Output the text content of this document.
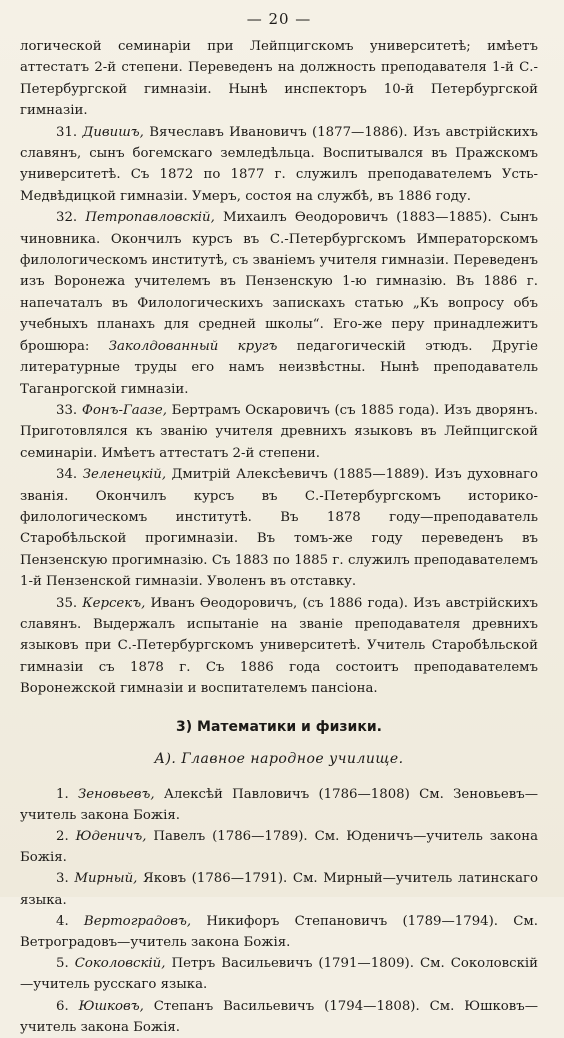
— 20 —

логической семинаріи при Лейпцигскомъ университетѣ; имѣетъ аттестатъ 2-й степени. Переведенъ на должность преподавателя 1-й С.-Петербургской гимназіи. Нынѣ инспекторъ 10-й Петербургской гимназіи.

31. Дивишъ, Вячеславъ Ивановичъ (1877—1886). Изъ австрійскихъ славянъ, сынъ богемскаго земледѣльца. Воспитывался въ Пражскомъ университетѣ. Съ 1872 по 1877 г. служилъ преподавателемъ Усть-Медвѣдицкой гимназіи. Умеръ, состоя на службѣ, въ 1886 году.

32. Петропавловскій, Михаилъ Ѳеодоровичъ (1883—1885). Сынъ чиновника. Окончилъ курсъ въ С.-Петербургскомъ Императорскомъ филологическомъ институтѣ, съ званіемъ учителя гимназіи. Переведенъ изъ Воронежа учителемъ въ Пензенскую 1-ю гимназію. Въ 1886 г. напечаталъ въ Филологическихъ запискахъ статью „Къ вопросу объ учебныхъ планахъ для средней школы“. Его-же перу принадлежитъ брошюра: Заколдованный кругъ педагогическій этюдъ. Другіе литературные труды его намъ неизвѣстны. Нынѣ преподаватель Таганрогской гимназіи.

33. Фонъ-Гаазе, Бертрамъ Оскаровичъ (съ 1885 года). Изъ дворянъ. Приготовлялся къ званію учителя древнихъ языковъ въ Лейпцигской семинаріи. Имѣетъ аттестатъ 2-й степени.

34. Зеленецкій, Дмитрій Алексѣевичъ (1885—1889). Изъ духовнаго званія. Окончилъ курсъ въ С.-Петербургскомъ историко-филологическомъ институтѣ. Въ 1878 году—преподаватель Старобѣльской прогимназіи. Въ томъ-же году переведенъ въ Пензенскую прогимназію. Съ 1883 по 1885 г. служилъ преподавателемъ 1-й Пензенской гимназіи. Уволенъ въ отставку.

35. Керсекъ, Иванъ Ѳеодоровичъ, (съ 1886 года). Изъ австрійскихъ славянъ. Выдержалъ испытаніе на званіе преподавателя древнихъ языковъ при С.-Петербургскомъ университетѣ. Учитель Старобѣльской гимназіи съ 1878 г. Съ 1886 года состоитъ преподавателемъ Воронежской гимназіи и воспитателемъ пансіона.

3) Математики и физики.
А). Главное народное училище.

1. Зеновьевъ, Алексѣй Павловичъ (1786—1808) См. Зеновьевъ—учитель закона Божія.

2. Юденичъ, Павелъ (1786—1789). См. Юденичъ—учитель закона Божія.

3. Мирный, Яковъ (1786—1791). См. Мирный—учитель латинскаго языка.

4. Вертоградовъ, Никифоръ Степановичъ (1789—1794). См. Ветроградовъ—учитель закона Божія.

5. Соколовскій, Петръ Васильевичъ (1791—1809). См. Соколовскій—учитель русскаго языка.

6. Юшковъ, Степанъ Васильевичъ (1794—1808). См. Юшковъ—учитель закона Божія.
